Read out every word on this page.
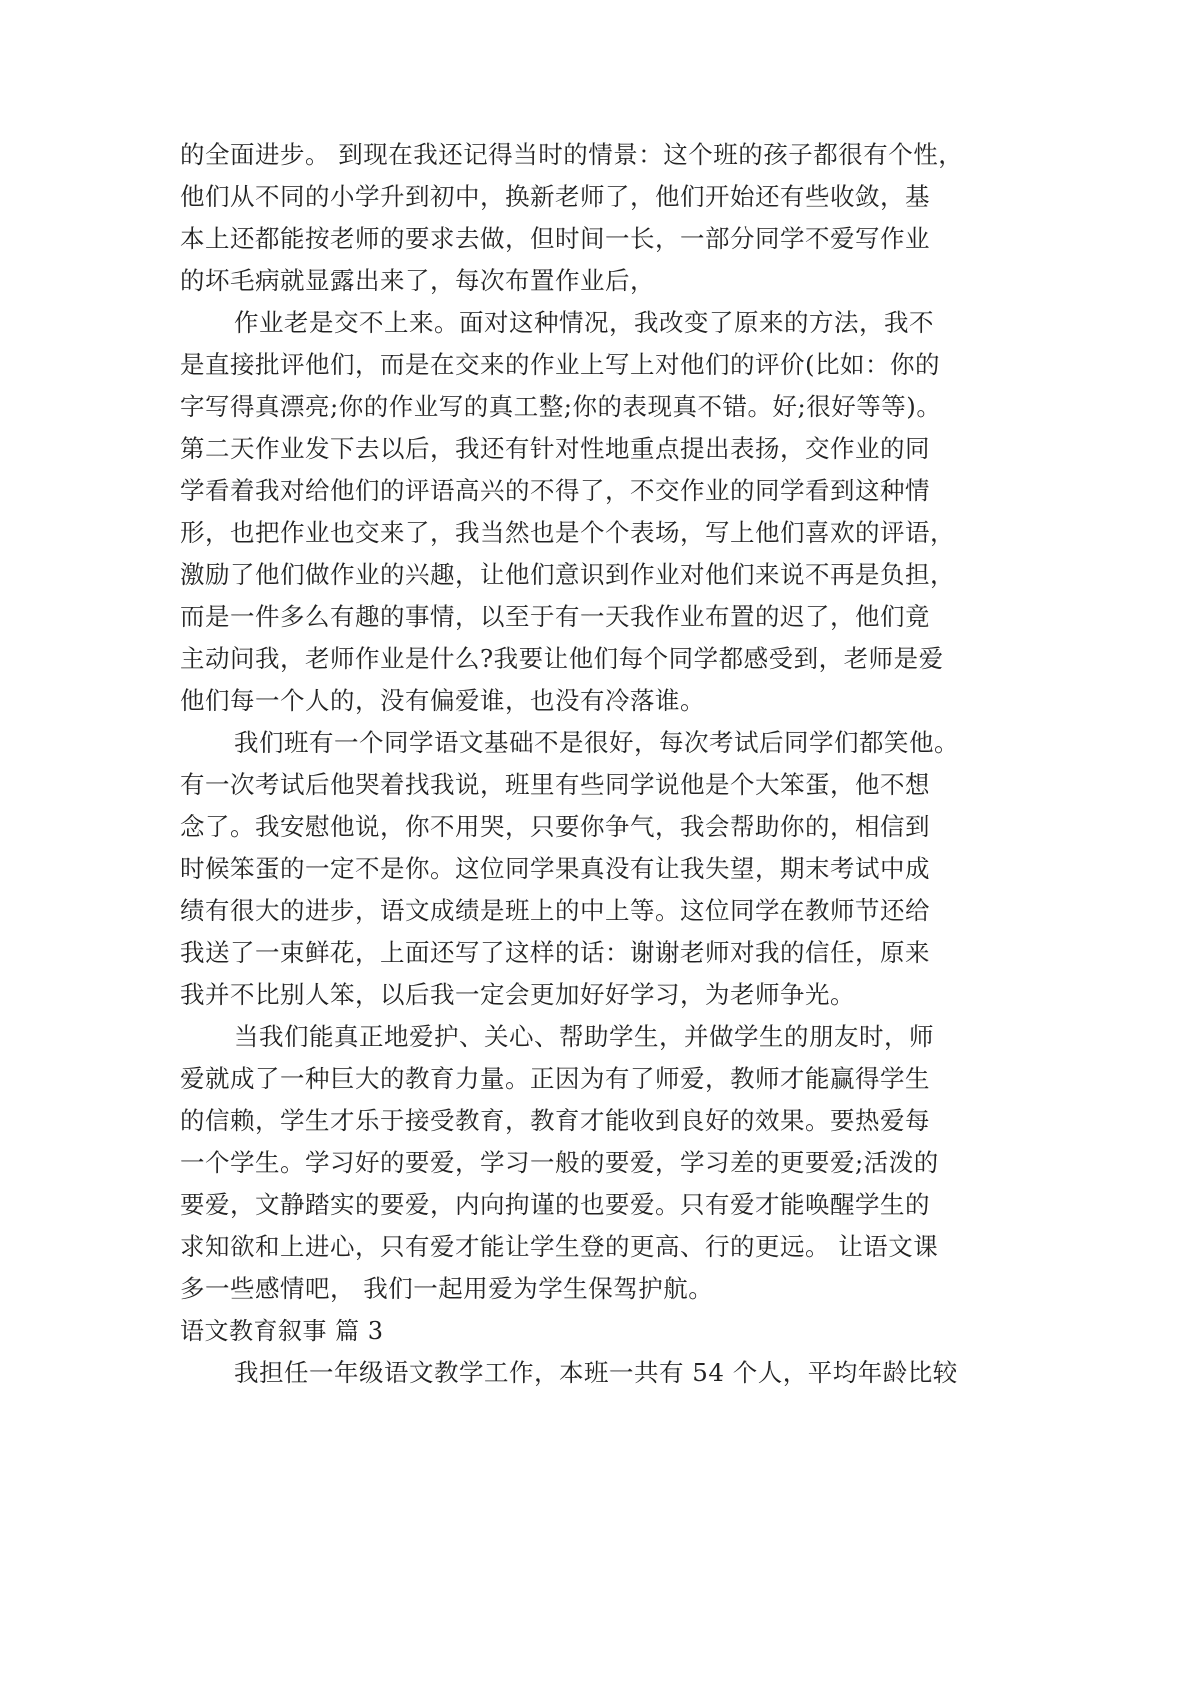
的全面进步。 到现在我还记得当时的情景：这个班的孩子都很有个性，
他们从不同的小学升到初中，换新老师了，他们开始还有些收敛，基
本上还都能按老师的要求去做，但时间一长，一部分同学不爱写作业
的坏毛病就显露出来了，每次布置作业后，
作业老是交不上来。面对这种情况，我改变了原来的方法，我不
是直接批评他们，而是在交来的作业上写上对他们的评价(比如：你的
字写得真漂亮;你的作业写的真工整;你的表现真不错。好;很好等等)。
第二天作业发下去以后，我还有针对性地重点提出表扬，交作业的同
学看着我对给他们的评语高兴的不得了，不交作业的同学看到这种情
形，也把作业也交来了，我当然也是个个表场，写上他们喜欢的评语，
激励了他们做作业的兴趣，让他们意识到作业对他们来说不再是负担，
而是一件多么有趣的事情，以至于有一天我作业布置的迟了，他们竟
主动问我，老师作业是什么?我要让他们每个同学都感受到，老师是爱
他们每一个人的，没有偏爱谁，也没有冷落谁。
我们班有一个同学语文基础不是很好，每次考试后同学们都笑他。
有一次考试后他哭着找我说，班里有些同学说他是个大笨蛋，他不想
念了。我安慰他说，你不用哭，只要你争气，我会帮助你的，相信到
时候笨蛋的一定不是你。这位同学果真没有让我失望，期末考试中成
绩有很大的进步，语文成绩是班上的中上等。这位同学在教师节还给
我送了一束鲜花，上面还写了这样的话：谢谢老师对我的信任，原来
我并不比别人笨，以后我一定会更加好好学习，为老师争光。
当我们能真正地爱护、关心、帮助学生，并做学生的朋友时，师
爱就成了一种巨大的教育力量。正因为有了师爱，教师才能赢得学生
的信赖，学生才乐于接受教育，教育才能收到良好的效果。要热爱每
一个学生。学习好的要爱，学习一般的要爱，学习差的更要爱;活泼的
要爱，文静踏实的要爱，内向拘谨的也要爱。只有爱才能唤醒学生的
求知欲和上进心，只有爱才能让学生登的更高、行的更远。 让语文课
多一些感情吧， 我们一起用爱为学生保驾护航。
语文教育叙事 篇 3
我担任一年级语文教学工作，本班一共有 54 个人，平均年龄比较
